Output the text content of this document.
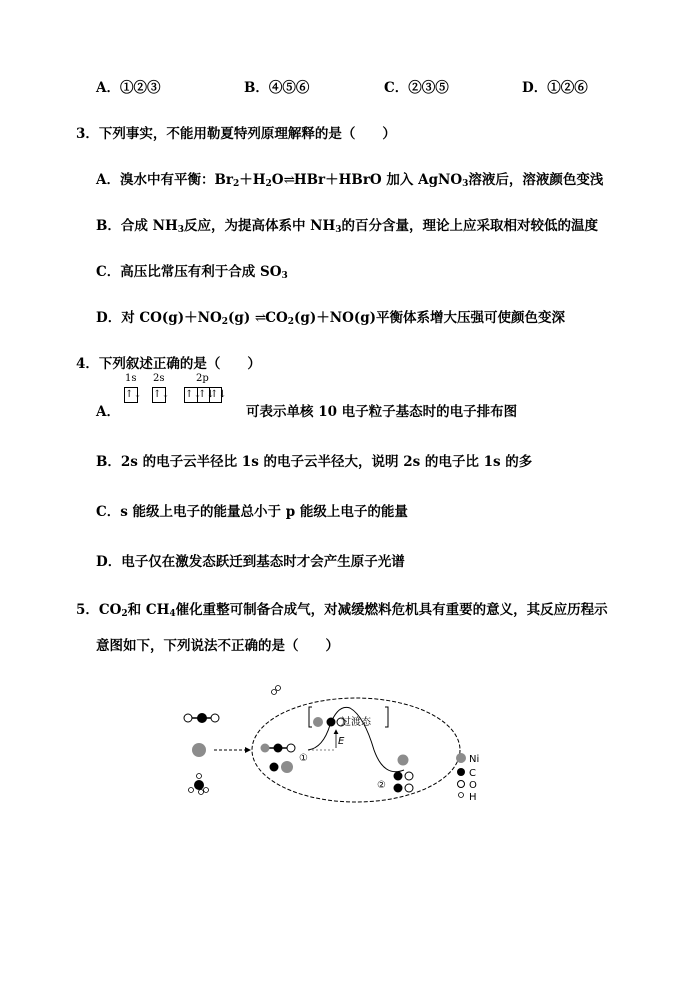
A．①②③	B．④⑤⑥	C．②③⑤	D．①②⑥
3．下列事实，不能用勒夏特列原理解释的是（　　）
A．溴水中有平衡：$Br_2+H_2O\rightleftharpoons HBr+HBrO$ 加入 AgNO$_3$溶液后，溶液颜色变浅
B．合成 $NH_3$反应，为提高体系中 $NH_3$的百分含量，理论上应采取相对较低的温度
C．高压比常压有利于合成 $SO_3$
D．对 $CO(g)+NO_2(g)$ $\rightleftharpoons CO_2(g)+NO(g)$平衡体系增大压强可使颜色变深
4．下列叙述正确的是（　　）
A．
1s 2s	2p
↑↓ ↑↓ ↑↓
↑↓
↑↓
可表示单核 10 电子粒子基态时的电子排布图
B．2s 的电子云半径比 1s 的电子云半径大，说明 2s 的电子比 1s 的多
C．s 能级上电子的能量总小于 p 能级上电子的能量
D．电子仅在激发态跃迁到基态时才会产生原子光谱
5．$CO_2$和 $CH_4$催化重整可制备合成气，对减缓燃料危机具有重要的意义，其反应历程示
意图如下，下列说法不正确的是（　　）
E
过渡态
①
②
Ni
C
O
H
